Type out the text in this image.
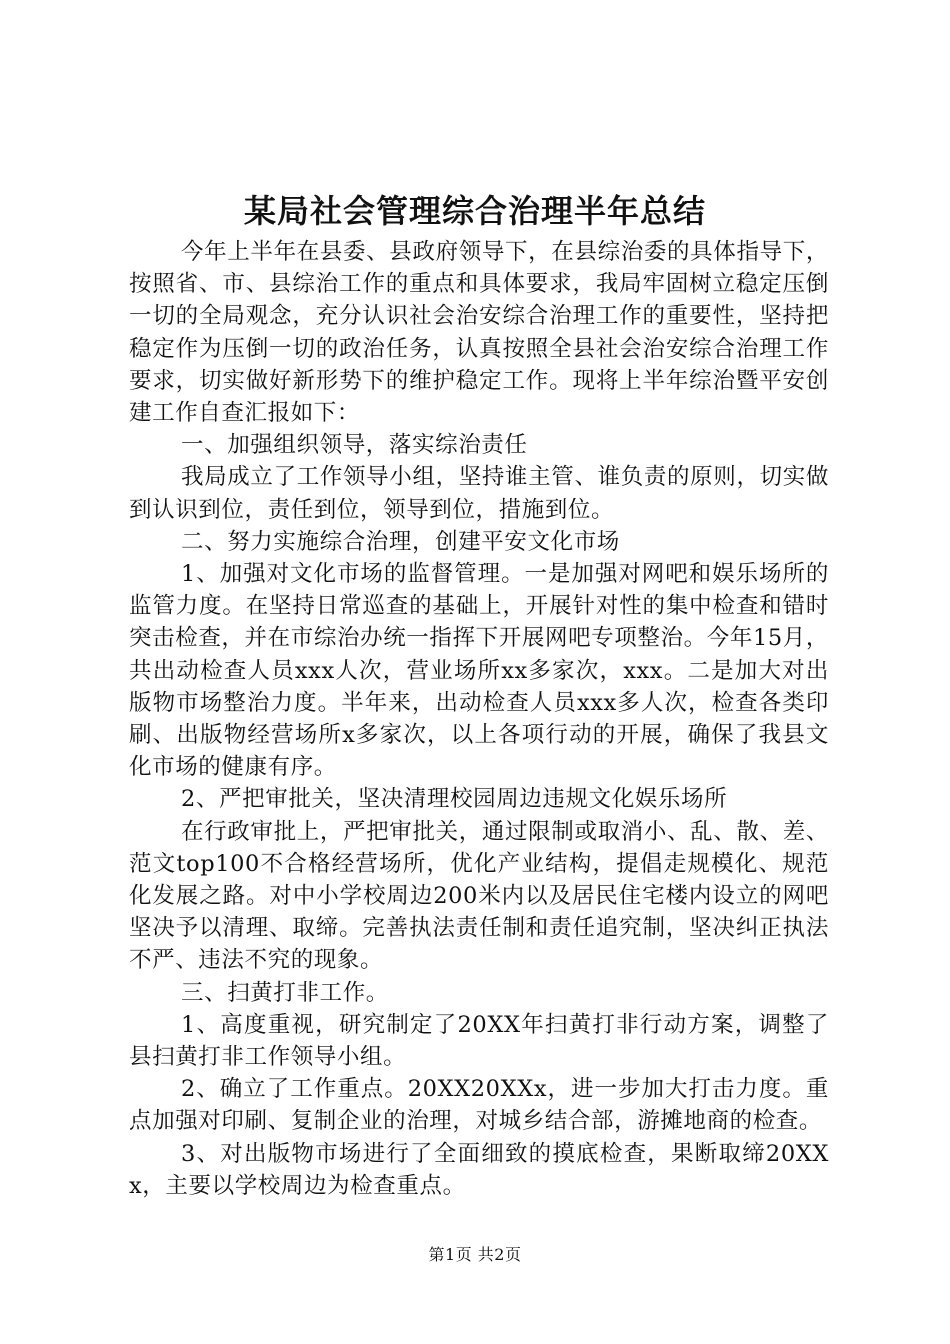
某局社会管理综合治理半年总结

今年上半年在县委、县政府领导下，在县综治委的具体指导下，按照省、市、县综治工作的重点和具体要求，我局牢固树立稳定压倒一切的全局观念，充分认识社会治安综合治理工作的重要性，坚持把稳定作为压倒一切的政治任务，认真按照全县社会治安综合治理工作要求，切实做好新形势下的维护稳定工作。现将上半年综治暨平安创建工作自查汇报如下：

一、加强组织领导，落实综治责任

我局成立了工作领导小组，坚持谁主管、谁负责的原则，切实做到认识到位，责任到位，领导到位，措施到位。

二、努力实施综合治理，创建平安文化市场

1、加强对文化市场的监督管理。一是加强对网吧和娱乐场所的监管力度。在坚持日常巡查的基础上，开展针对性的集中检查和错时突击检查，并在市综治办统一指挥下开展网吧专项整治。今年15月，共出动检查人员xxx人次，营业场所xx多家次，xxx。二是加大对出版物市场整治力度。半年来，出动检查人员xxx多人次，检查各类印刷、出版物经营场所x多家次，以上各项行动的开展，确保了我县文化市场的健康有序。

2、严把审批关，坚决清理校园周边违规文化娱乐场所

在行政审批上，严把审批关，通过限制或取消小、乱、散、差、范文top100不合格经营场所，优化产业结构，提倡走规模化、规范化发展之路。对中小学校周边200米内以及居民住宅楼内设立的网吧坚决予以清理、取缔。完善执法责任制和责任追究制，坚决纠正执法不严、违法不究的现象。

三、扫黄打非工作。

1、高度重视，研究制定了20XX年扫黄打非行动方案，调整了县扫黄打非工作领导小组。

2、确立了工作重点。20XX20XXx，进一步加大打击力度。重点加强对印刷、复制企业的治理，对城乡结合部，游摊地商的检查。

3、对出版物市场进行了全面细致的摸底检查，果断取缔20XXx，主要以学校周边为检查重点。

第1页 共2页
